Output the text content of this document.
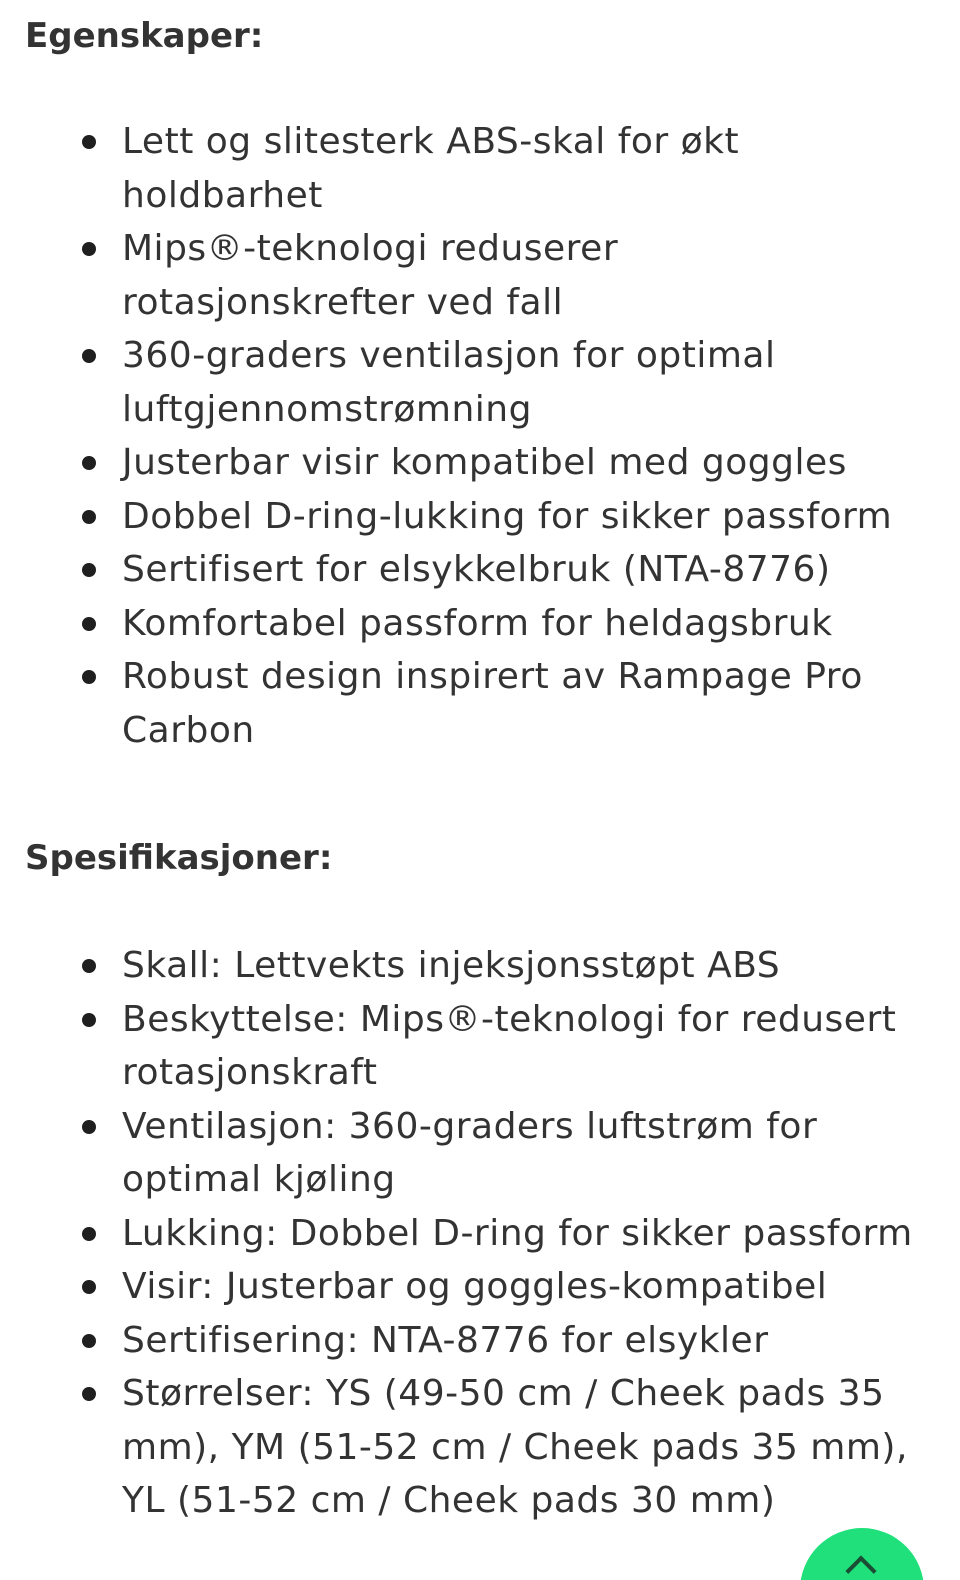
Egenskaper:
Lett og slitesterk ABS-skal for økt holdbarhet
Mips®-teknologi reduserer rotasjonskrefter ved fall
360-graders ventilasjon for optimal luftgjennomstrømning
Justerbar visir kompatibel med goggles
Dobbel D-ring-lukking for sikker passform
Sertifisert for elsykkelbruk (NTA-8776)
Komfortabel passform for heldagsbruk
Robust design inspirert av Rampage Pro Carbon
Spesifikasjoner:
Skall: Lettvekts injeksjonsstøpt ABS
Beskyttelse: Mips®-teknologi for redusert rotasjonskraft
Ventilasjon: 360-graders luftstrøm for optimal kjøling
Lukking: Dobbel D-ring for sikker passform
Visir: Justerbar og goggles-kompatibel
Sertifisering: NTA-8776 for elsykler
Størrelser: YS (49-50 cm / Cheek pads 35 mm), YM (51-52 cm / Cheek pads 35 mm), YL (51-52 cm / Cheek pads 30 mm)
